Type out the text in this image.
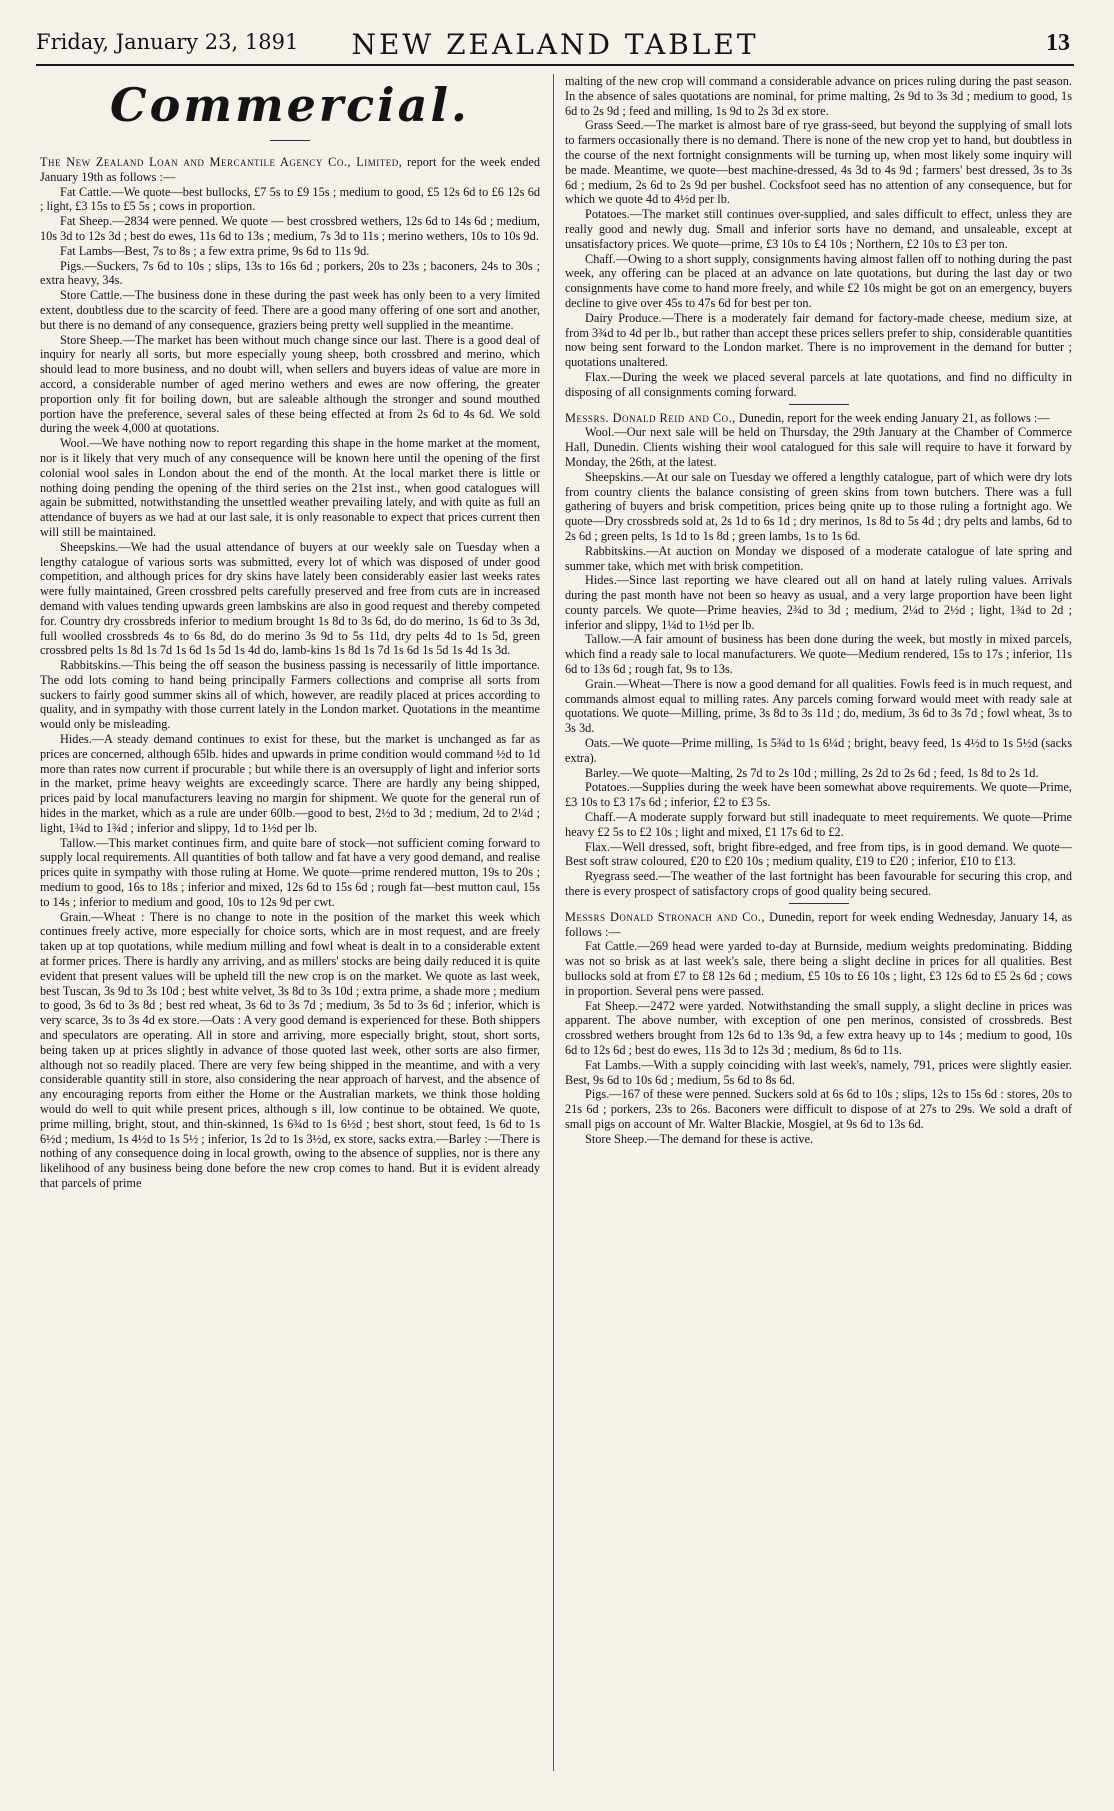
Friday, January 23, 1891	NEW ZEALAND TABLET	13
Commercial.

The New Zealand Loan and Mercantile Agency Co., Limited, report for the week ended January 19th as follows :—

Fat Cattle.—We quote—best bullocks, £7 5s to £9 15s ; medium to good, £5 12s 6d to £6 12s 6d ; light, £3 15s to £5 5s ; cows in proportion.

Fat Sheep.—2834 were penned. We quote — best crossbred wethers, 12s 6d to 14s 6d ; medium, 10s 3d to 12s 3d ; best do ewes, 11s 6d to 13s ; medium, 7s 3d to 11s ; merino wethers, 10s to 10s 9d.

Fat Lambs—Best, 7s to 8s ; a few extra prime, 9s 6d to 11s 9d.

Pigs.—Suckers, 7s 6d to 10s ; slips, 13s to 16s 6d ; porkers, 20s to 23s ; baconers, 24s to 30s ; extra heavy, 34s.

Store Cattle.—The business done in these during the past week has only been to a very limited extent, doubtless due to the scarcity of feed. There are a good many offering of one sort and another, but there is no demand of any consequence, graziers being pretty well supplied in the meantime.

Store Sheep.—The market has been without much change since our last. There is a good deal of inquiry for nearly all sorts, but more especially young sheep, both crossbred and merino, which should lead to more business, and no doubt will, when sellers and buyers ideas of value are more in accord, a considerable number of aged merino wethers and ewes are now offering, the greater proportion only fit for boiling down, but are saleable although the stronger and sound mouthed portion have the preference, several sales of these being effected at from 2s 6d to 4s 6d. We sold during the week 4,000 at quotations.

Wool.—We have nothing now to report regarding this shape in the home market at the moment, nor is it likely that very much of any consequence will be known here until the opening of the first colonial wool sales in London about the end of the month. At the local market there is little or nothing doing pending the opening of the third series on the 21st inst., when good catalogues will again be submitted, notwithstanding the unsettled weather prevailing lately, and with quite as full an attendance of buyers as we had at our last sale, it is only reasonable to expect that prices current then will still be maintained.

Sheepskins.—We had the usual attendance of buyers at our weekly sale on Tuesday when a lengthy catalogue of various sorts was submitted, every lot of which was disposed of under good competition, and although prices for dry skins have lately been considerably easier last weeks rates were fully maintained, Green crossbred pelts carefully preserved and free from cuts are in increased demand with values tending upwards green lambskins are also in good request and thereby competed for. Country dry crossbreds inferior to medium brought 1s 8d to 3s 6d, do do merino, 1s 6d to 3s 3d, full woolled crossbreds 4s to 6s 8d, do do merino 3s 9d to 5s 11d, dry pelts 4d to 1s 5d, green crossbred pelts 1s 8d 1s 7d 1s 6d 1s 5d 1s 4d do, lamb-kins 1s 8d 1s 7d 1s 6d 1s 5d 1s 4d 1s 3d.

Rabbitskins.—This being the off season the business passing is necessarily of little importance. The odd lots coming to hand being principally Farmers collections and comprise all sorts from suckers to fairly good summer skins all of which, however, are readily placed at prices according to quality, and in sympathy with those current lately in the London market. Quotations in the meantime would only be misleading.

Hides.—A steady demand continues to exist for these, but the market is unchanged as far as prices are concerned, although 65lb. hides and upwards in prime condition would command ½d to 1d more than rates now current if procurable ; but while there is an oversupply of light and inferior sorts in the market, prime heavy weights are exceedingly scarce. There are hardly any being shipped, prices paid by local manufacturers leaving no margin for shipment. We quote for the general run of hides in the market, which as a rule are under 60lb.—good to best, 2½d to 3d ; medium, 2d to 2¼d ; light, 1¾d to 1¾d ; inferior and slippy, 1d to 1½d per lb.

Tallow.—This market continues firm, and quite bare of stock—not sufficient coming forward to supply local requirements. All quantities of both tallow and fat have a very good demand, and realise prices quite in sympathy with those ruling at Home. We quote—prime rendered mutton, 19s to 20s ; medium to good, 16s to 18s ; inferior and mixed, 12s 6d to 15s 6d ; rough fat—best mutton caul, 15s to 14s ; inferior to medium and good, 10s to 12s 9d per cwt.

Grain.—Wheat : There is no change to note in the position of the market this week which continues freely active, more especially for choice sorts, which are in most request, and are freely taken up at top quotations, while medium milling and fowl wheat is dealt in to a considerable extent at former prices. There is hardly any arriving, and as millers' stocks are being daily reduced it is quite evident that present values will be upheld till the new crop is on the market. We quote as last week, best Tuscan, 3s 9d to 3s 10d ; best white velvet, 3s 8d to 3s 10d ; extra prime, a shade more ; medium to good, 3s 6d to 3s 8d ; best red wheat, 3s 6d to 3s 7d ; medium, 3s 5d to 3s 6d ; inferior, which is very scarce, 3s to 3s 4d ex store.—Oats : A very good demand is experienced for these. Both shippers and speculators are operating. All in store and arriving, more especially bright, stout, short sorts, being taken up at prices slightly in advance of those quoted last week, other sorts are also firmer, although not so readily placed. There are very few being shipped in the meantime, and with a very considerable quantity still in store, also considering the near approach of harvest, and the absence of any encouraging reports from either the Home or the Australian markets, we think those holding would do well to quit while present prices, although s ill, low continue to be obtained. We quote, prime milling, bright, stout, and thin-skinned, 1s 6¾d to 1s 6½d ; best short, stout feed, 1s 6d to 1s 6½d ; medium, 1s 4½d to 1s 5½ ; inferior, 1s 2d to 1s 3½d, ex store, sacks extra.—Barley :—There is nothing of any consequence doing in local growth, owing to the absence of supplies, nor is there any likelihood of any business being done before the new crop comes to hand. But it is evident already that parcels of prime

malting of the new crop will command a considerable advance on prices ruling during the past season. In the absence of sales quotations are nominal, for prime malting, 2s 9d to 3s 3d ; medium to good, 1s 6d to 2s 9d ; feed and milling, 1s 9d to 2s 3d ex store.

Grass Seed.—The market is almost bare of rye grass-seed, but beyond the supplying of small lots to farmers occasionally there is no demand. There is none of the new crop yet to hand, but doubtless in the course of the next fortnight consignments will be turning up, when most likely some inquiry will be made. Meantime, we quote—best machine-dressed, 4s 3d to 4s 9d ; farmers' best dressed, 3s to 3s 6d ; medium, 2s 6d to 2s 9d per bushel. Cocksfoot seed has no attention of any consequence, but for which we quote 4d to 4½d per lb.

Potatoes.—The market still continues over-supplied, and sales difficult to effect, unless they are really good and newly dug. Small and inferior sorts have no demand, and unsaleable, except at unsatisfactory prices. We quote—prime, £3 10s to £4 10s ; Northern, £2 10s to £3 per ton.

Chaff.—Owing to a short supply, consignments having almost fallen off to nothing during the past week, any offering can be placed at an advance on late quotations, but during the last day or two consignments have come to hand more freely, and while £2 10s might be got on an emergency, buyers decline to give over 45s to 47s 6d for best per ton.

Dairy Produce.—There is a moderately fair demand for factory-made cheese, medium size, at from 3¾d to 4d per lb., but rather than accept these prices sellers prefer to ship, considerable quantities now being sent forward to the London market. There is no improvement in the demand for butter ; quotations unaltered.

Flax.—During the week we placed several parcels at late quotations, and find no difficulty in disposing of all consignments coming forward.

Messrs. Donald Reid and Co., Dunedin, report for the week ending January 21, as follows :—

Wool.—Our next sale will be held on Thursday, the 29th January at the Chamber of Commerce Hall, Dunedin. Clients wishing their wool catalogued for this sale will require to have it forward by Monday, the 26th, at the latest.

Sheepskins.—At our sale on Tuesday we offered a lengthly catalogue, part of which were dry lots from country clients the balance consisting of green skins from town butchers. There was a full gathering of buyers and brisk competition, prices being qnite up to those ruling a fortnight ago. We quote—Dry crossbreds sold at, 2s 1d to 6s 1d ; dry merinos, 1s 8d to 5s 4d ; dry pelts and lambs, 6d to 2s 6d ; green pelts, 1s 1d to 1s 8d ; green lambs, 1s to 1s 6d.

Rabbitskins.—At auction on Monday we disposed of a moderate catalogue of late spring and summer take, which met with brisk competition.

Hides.—Since last reporting we have cleared out all on hand at lately ruling values. Arrivals during the past month have not been so heavy as usual, and a very large proportion have been light county parcels. We quote—Prime heavies, 2¾d to 3d ; medium, 2¼d to 2½d ; light, 1¾d to 2d ; inferior and slippy, 1¼d to 1½d per lb.

Tallow.—A fair amount of business has been done during the week, but mostly in mixed parcels, which find a ready sale to local manufacturers. We quote—Medium rendered, 15s to 17s ; inferior, 11s 6d to 13s 6d ; rough fat, 9s to 13s.

Grain.—Wheat—There is now a good demand for all qualities. Fowls feed is in much request, and commands almost equal to milling rates. Any parcels coming forward would meet with ready sale at quotations. We quote—Milling, prime, 3s 8d to 3s 11d ; do, medium, 3s 6d to 3s 7d ; fowl wheat, 3s to 3s 3d.

Oats.—We quote—Prime milling, 1s 5¾d to 1s 6¼d ; bright, beavy feed, 1s 4½d to 1s 5½d (sacks extra).

Barley.—We quote—Malting, 2s 7d to 2s 10d ; milling, 2s 2d to 2s 6d ; feed, 1s 8d to 2s 1d.

Potatoes.—Supplies during the week have been somewhat above requirements. We quote—Prime, £3 10s to £3 17s 6d ; inferior, £2 to £3 5s.

Chaff.—A moderate supply forward but still inadequate to meet requirements. We quote—Prime heavy £2 5s to £2 10s ; light and mixed, £1 17s 6d to £2.

Flax.—Well dressed, soft, bright fibre-edged, and free from tips, is in good demand. We quote—Best soft straw coloured, £20 to £20 10s ; medium quality, £19 to £20 ; inferior, £10 to £13.

Ryegrass seed.—The weather of the last fortnight has been favourable for securing this crop, and there is every prospect of satisfactory crops of good quality being secured.

Messrs Donald Stronach and Co., Dunedin, report for week ending Wednesday, January 14, as follows :—

Fat Cattle.—269 head were yarded to-day at Burnside, medium weights predominating. Bidding was not so brisk as at last week's sale, there being a slight decline in prices for all qualities. Best bullocks sold at from £7 to £8 12s 6d ; medium, £5 10s to £6 10s ; light, £3 12s 6d to £5 2s 6d ; cows in proportion. Several pens were passed.

Fat Sheep.—2472 were yarded. Notwithstanding the small supply, a slight decline in prices was apparent. The above number, with exception of one pen merinos, consisted of crossbreds. Best crossbred wethers brought from 12s 6d to 13s 9d, a few extra heavy up to 14s ; medium to good, 10s 6d to 12s 6d ; best do ewes, 11s 3d to 12s 3d ; medium, 8s 6d to 11s.

Fat Lambs.—With a supply coinciding with last week's, namely, 791, prices were slightly easier. Best, 9s 6d to 10s 6d ; medium, 5s 6d to 8s 6d.

Pigs.—167 of these were penned. Suckers sold at 6s 6d to 10s ; slips, 12s to 15s 6d : stores, 20s to 21s 6d ; porkers, 23s to 26s. Baconers were difficult to dispose of at 27s to 29s. We sold a draft of small pigs on account of Mr. Walter Blackie, Mosgiel, at 9s 6d to 13s 6d.

Store Sheep.—The demand for these is active.
